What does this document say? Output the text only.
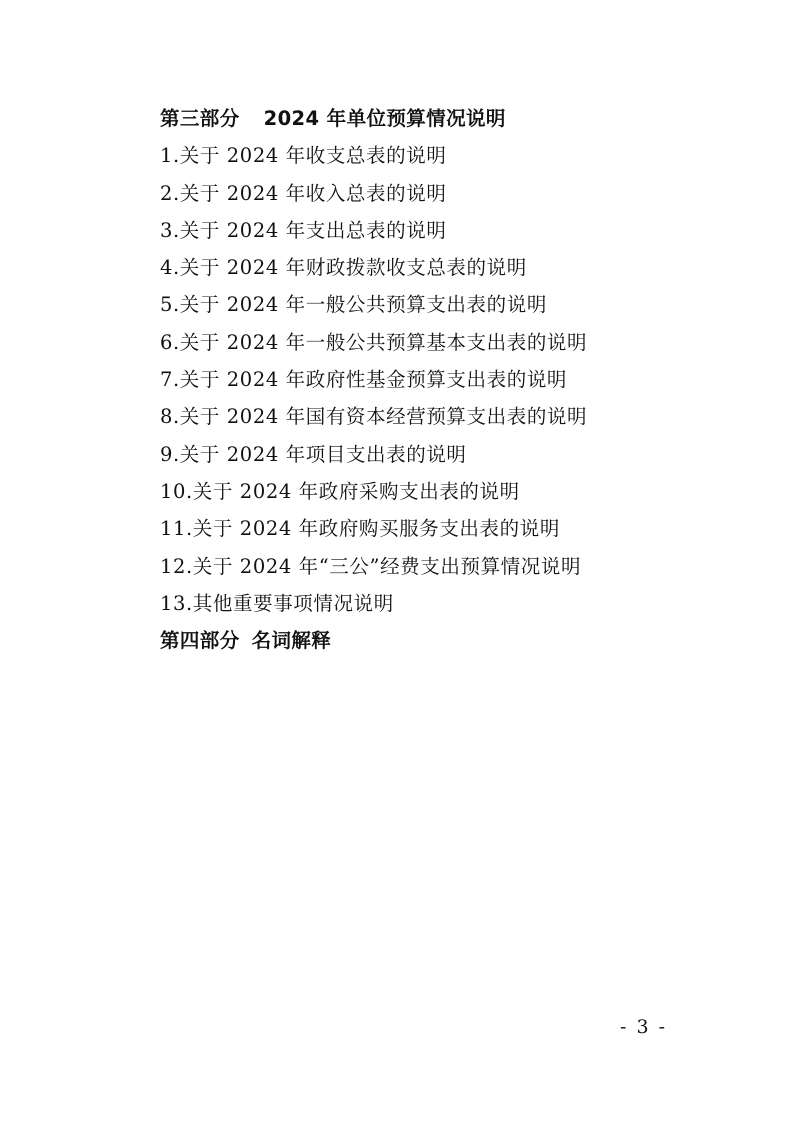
第三部分 2024 年单位预算情况说明
1.关于 2024 年收支总表的说明
2.关于 2024 年收入总表的说明
3.关于 2024 年支出总表的说明
4.关于 2024 年财政拨款收支总表的说明
5.关于 2024 年一般公共预算支出表的说明
6.关于 2024 年一般公共预算基本支出表的说明
7.关于 2024 年政府性基金预算支出表的说明
8.关于 2024 年国有资本经营预算支出表的说明
9.关于 2024 年项目支出表的说明
10.关于 2024 年政府采购支出表的说明
11.关于 2024 年政府购买服务支出表的说明
12.关于 2024 年“三公”经费支出预算情况说明
13.其他重要事项情况说明
第四部分 名词解释
- 3 -
